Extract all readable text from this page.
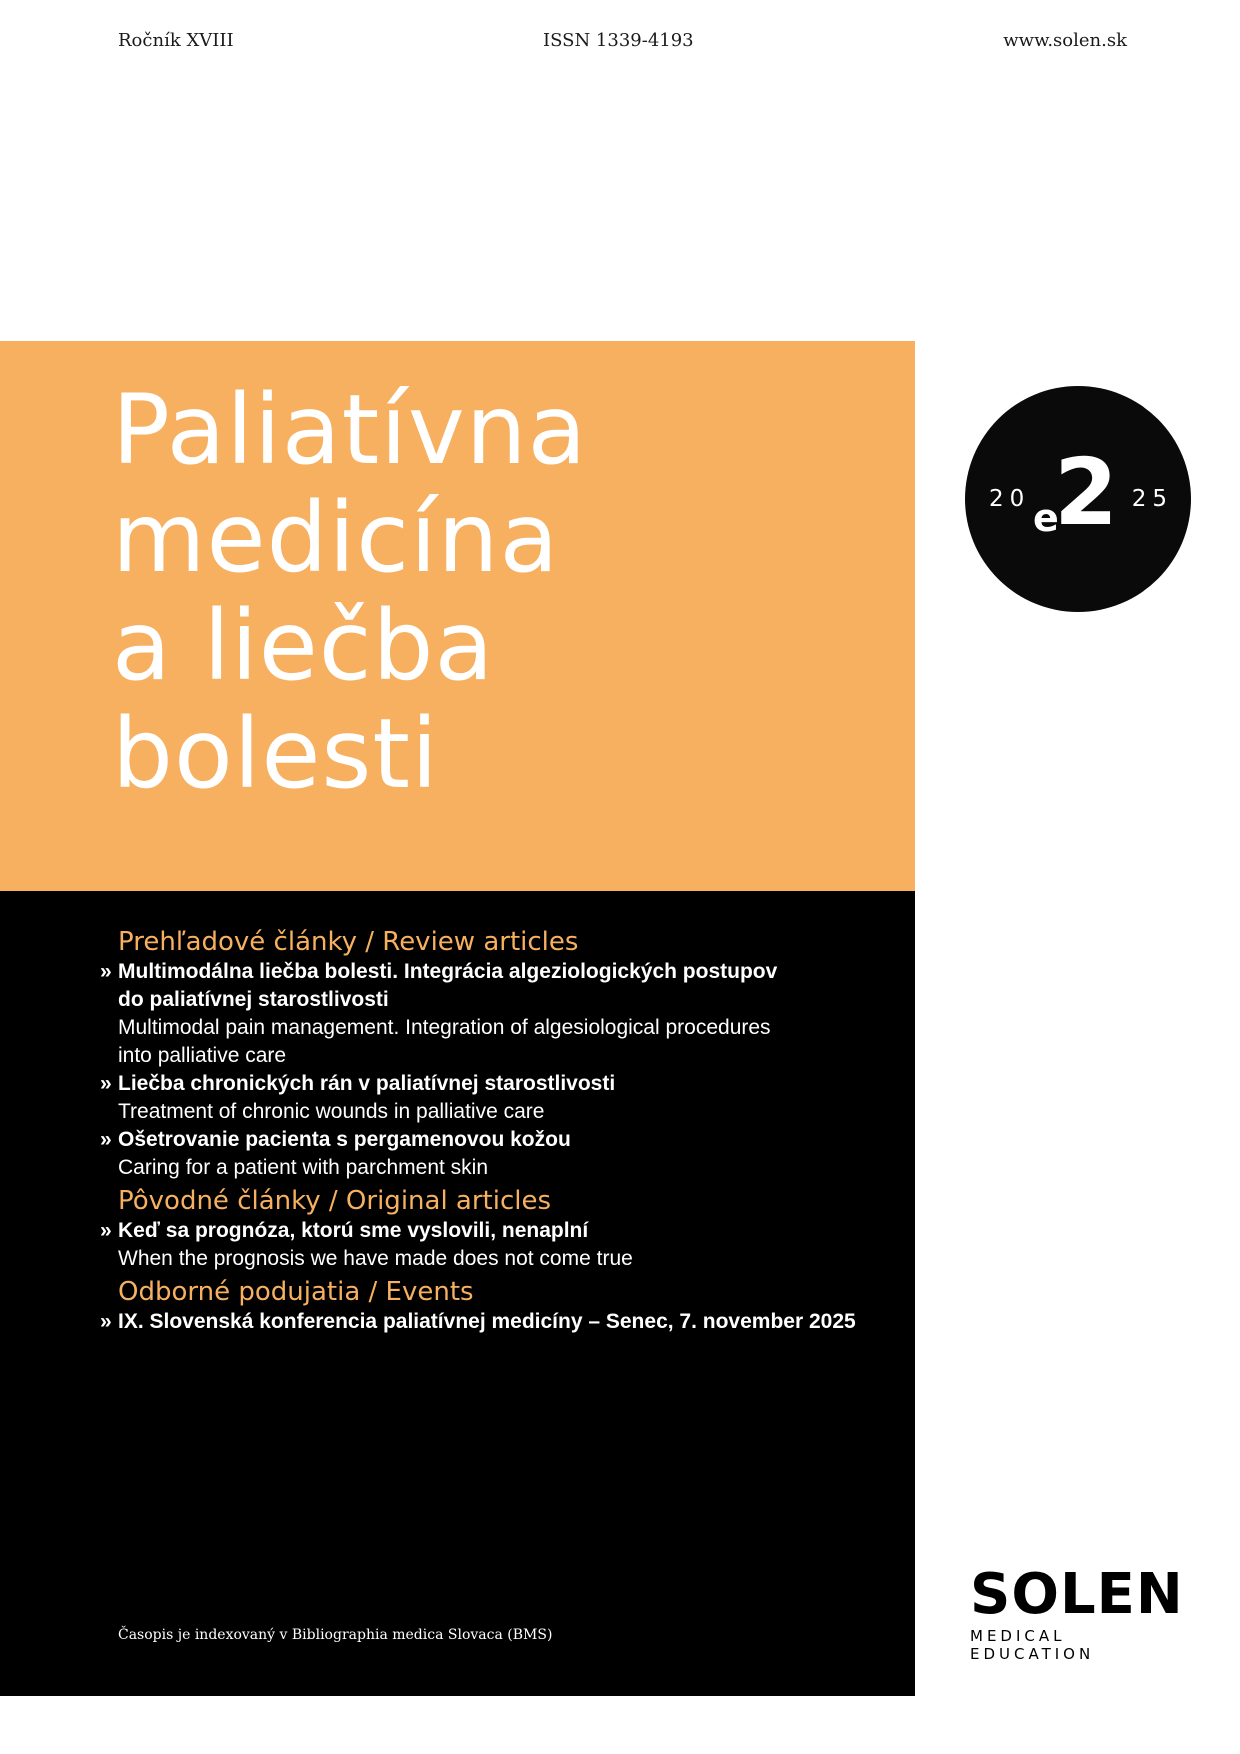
Ročník XVIII	ISSN 1339-4193	www.solen.sk
Paliatívna
medicína
a liečba
bolesti
20 e
2 25
Prehľadové články / Review articles
» Multimodálna liečba bolesti. Integrácia algeziologických postupov
do paliatívnej starostlivosti
Multimodal pain management. Integration of algesiological procedures
into palliative care
» Liečba chronických rán v paliatívnej starostlivosti
Treatment of chronic wounds in palliative care
» Ošetrovanie pacienta s pergamenovou kožou
Caring for a patient with parchment skin
Pôvodné články / Original articles
» Keď sa prognóza, ktorú sme vyslovili, nenaplní
When the prognosis we have made does not come true
Odborné podujatia / Events
» IX. Slovenská konferencia paliatívnej medicíny – Senec, 7. november 2025
Časopis je indexovaný v Bibliographia medica Slovaca (BMS)
SOLEN
MEDICAL EDUCATION
